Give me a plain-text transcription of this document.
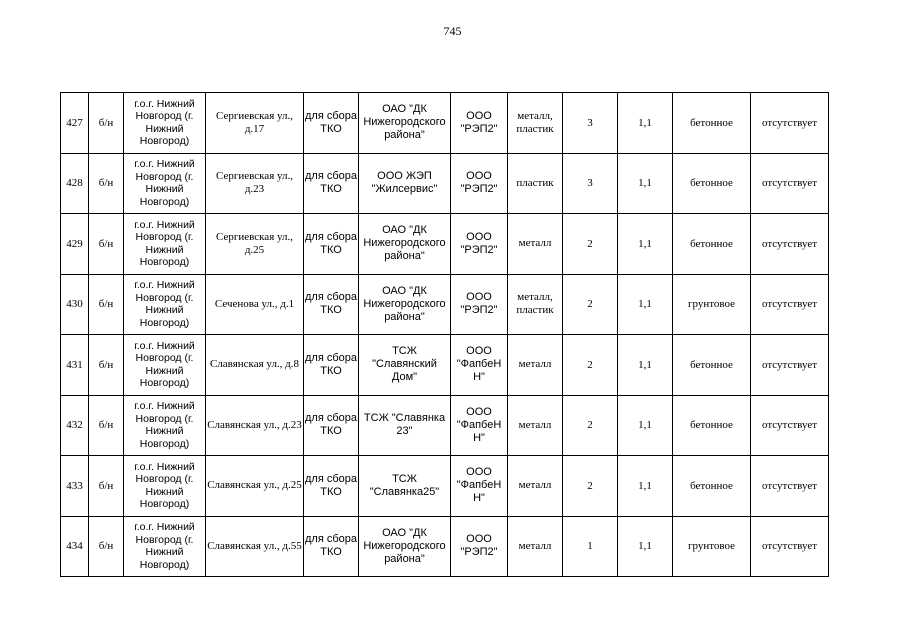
745
427	б/н	г.о.г. Нижний Новгород (г. Нижний Новгород)	Сергиевская ул., д.17	для сбора ТКО	ОАО "ДК Нижегородского района"	ООО "РЭП2"	металл, пластик	3	1,1	бетонное	отсутствует
428	б/н	г.о.г. Нижний Новгород (г. Нижний Новгород)	Сергиевская ул., д.23	для сбора ТКО	ООО ЖЭП "Жилсервис"	ООО "РЭП2"	пластик	3	1,1	бетонное	отсутствует
429	б/н	г.о.г. Нижний Новгород (г. Нижний Новгород)	Сергиевская ул., д.25	для сбора ТКО	ОАО "ДК Нижегородского района"	ООО "РЭП2"	металл	2	1,1	бетонное	отсутствует
430	б/н	г.о.г. Нижний Новгород (г. Нижний Новгород)	Сеченова ул., д.1	для сбора ТКО	ОАО "ДК Нижегородского района"	ООО "РЭП2"	металл, пластик	2	1,1	грунтовое	отсутствует
431	б/н	г.о.г. Нижний Новгород (г. Нижний Новгород)	Славянская ул., д.8	для сбора ТКО	ТСЖ "Славянский Дом"	ООО "ФапбеН Н"	металл	2	1,1	бетонное	отсутствует
432	б/н	г.о.г. Нижний Новгород (г. Нижний Новгород)	Славянская ул., д.23	для сбора ТКО	ТСЖ "Славянка 23"	ООО "ФапбеН Н"	металл	2	1,1	бетонное	отсутствует
433	б/н	г.о.г. Нижний Новгород (г. Нижний Новгород)	Славянская ул., д.25	для сбора ТКО	ТСЖ "Славянка25"	ООО "ФапбеН Н"	металл	2	1,1	бетонное	отсутствует
434	б/н	г.о.г. Нижний Новгород (г. Нижний Новгород)	Славянская ул., д.55	для сбора ТКО	ОАО "ДК Нижегородского района"	ООО "РЭП2"	металл	1	1,1	грунтовое	отсутствует
